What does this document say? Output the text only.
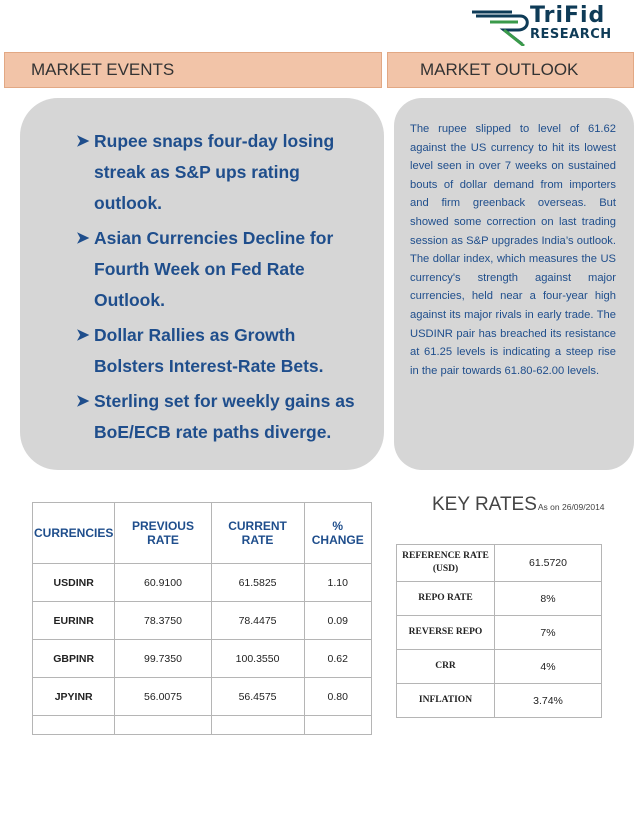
TriFid
RESEARCH
MARKET EVENTS	MARKET OUTLOOK
➤ Rupee snaps four-day losing streak as S&P ups rating outlook.
➤ Asian Currencies Decline for Fourth Week on Fed Rate Outlook.
➤ Dollar Rallies as Growth Bolsters Interest-Rate Bets.
➤ Sterling set for weekly gains as BoE/ECB rate paths diverge.
The rupee slipped to level of 61.62 against the US currency to hit its lowest level seen in over 7 weeks on sustained bouts of dollar demand from importers and firm greenback overseas. But showed some correction on last trading session as S&P upgrades India’s outlook. The dollar index, which measures the US currency's strength against major currencies, held near a four-year high against its major rivals in early trade. The USDINR pair has breached its resistance at 61.25 levels is indicating a steep rise in the pair towards 61.80-62.00 levels.
KEY RATESAs on 26/09/2014
CURRENCIES	PREVIOUS RATE	CURRENT RATE	% CHANGE
USDINR	60.9100	61.5825	1.10
EURINR	78.3750	78.4475	0.09
GBPINR	99.7350	100.3550	0.62
JPYINR	56.0075	56.4575	0.80

REFERENCE RATE (USD)	61.5720
REPO RATE	8%
REVERSE REPO	7%
CRR	4%
INFLATION	3.74%
